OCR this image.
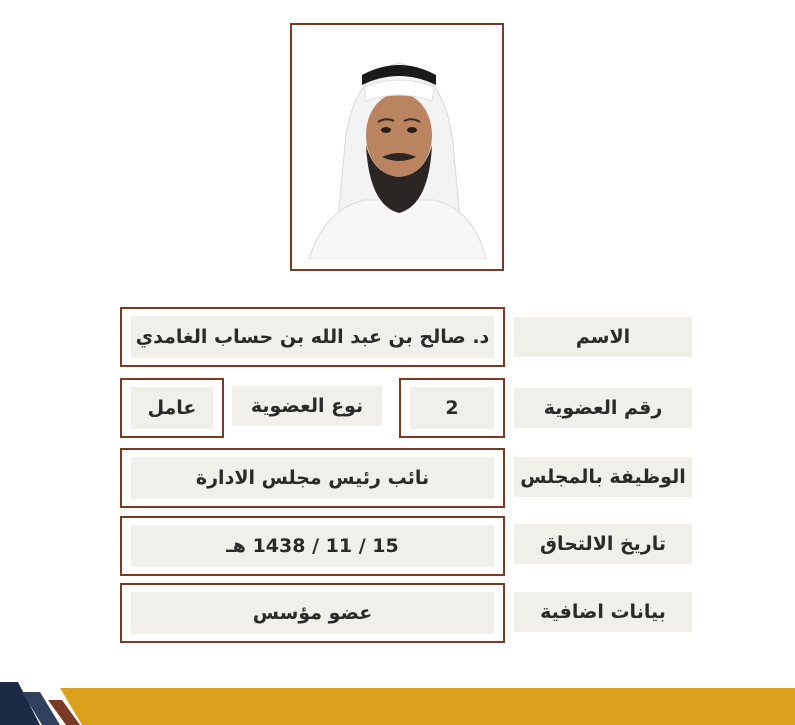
الاسم
د. صالح بن عبد الله بن حساب الغامدي
رقم العضوية
2
نوع العضوية
عامل
الوظيفة بالمجلس
نائب رئيس مجلس الادارة
تاريخ الالتحاق
15 / 11 / 1438 هـ
بيانات اضافية
عضو مؤسس
